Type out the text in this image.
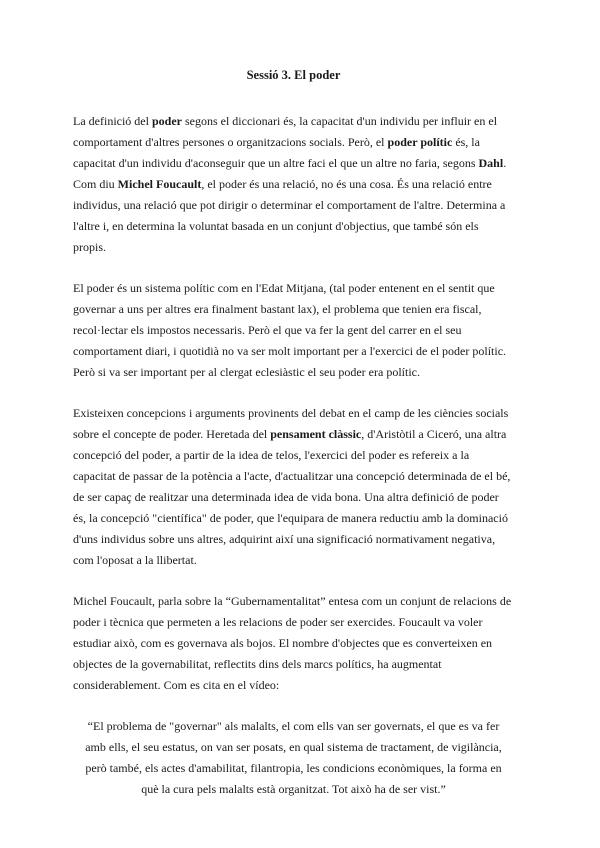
Sessió 3. El poder

La definició del poder segons el diccionari és, la capacitat d'un individu per influir en el comportament d'altres persones o organitzacions socials. Però, el poder polític és, la capacitat d'un individu d'aconseguir que un altre faci el que un altre no faria, segons Dahl. Com diu Michel Foucault, el poder és una relació, no és una cosa. És una relació entre individus, una relació que pot dirigir o determinar el comportament de l'altre. Determina a l'altre i, en determina la voluntat basada en un conjunt d'objectius, que també són els propis.

El poder és un sistema polític com en l'Edat Mitjana, (tal poder entenent en el sentit que governar a uns per altres era finalment bastant lax), el problema que tenien era fiscal, recol·lectar els impostos necessaris. Però el que va fer la gent del carrer en el seu comportament diari, i quotidià no va ser molt important per a l'exercici de el poder polític. Però si va ser important per al clergat eclesiàstic el seu poder era polític.

Existeixen concepcions i arguments provinents del debat en el camp de les ciències socials sobre el concepte de poder. Heretada del pensament clàssic, d'Aristòtil a Ciceró, una altra concepció del poder, a partir de la idea de telos, l'exercici del poder es refereix a la capacitat de passar de la potència a l'acte, d'actualitzar una concepció determinada de el bé, de ser capaç de realitzar una determinada idea de vida bona. Una altra definició de poder és, la concepció "científica" de poder, que l'equipara de manera reductiu amb la dominació d'uns individus sobre uns altres, adquirint així una significació normativament negativa, com l'oposat a la llibertat.

Michel Foucault, parla sobre la “Gubernamentalitat” entesa com un conjunt de relacions de poder i tècnica que permeten a les relacions de poder ser exercides. Foucault va voler estudiar això, com es governava als bojos. El nombre d'objectes que es converteixen en objectes de la governabilitat, reflectits dins dels marcs polítics, ha augmentat considerablement. Com es cita en el vídeo:

“El problema de "governar" als malalts, el com ells van ser governats, el que es va fer amb ells, el seu estatus, on van ser posats, en qual sistema de tractament, de vigilància, però també, els actes d'amabilitat, filantropia, les condicions econòmiques, la forma en què la cura pels malalts està organitzat. Tot això ha de ser vist.”
